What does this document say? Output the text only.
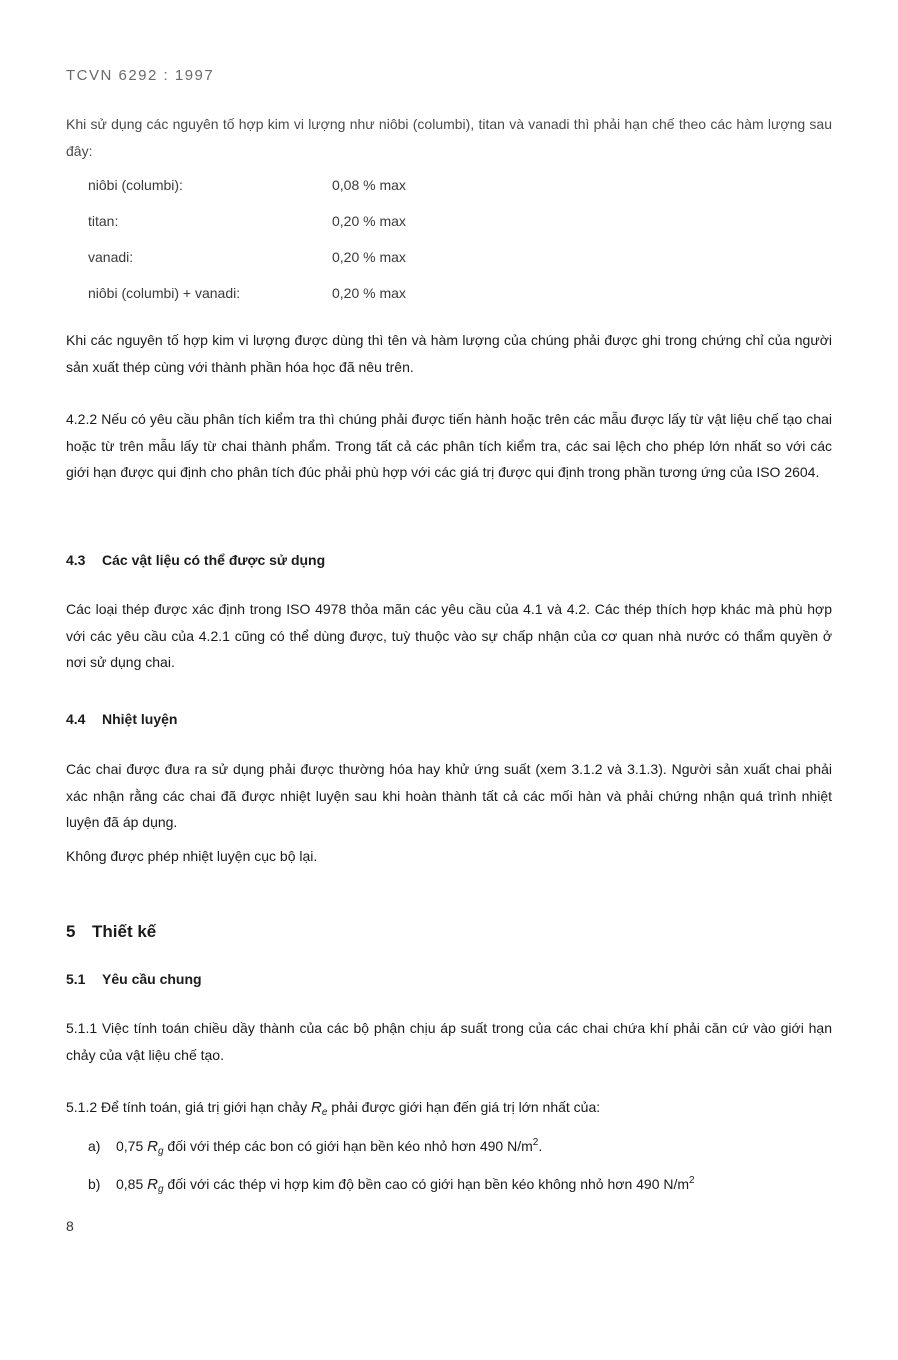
TCVN 6292 : 1997
Khi sử dụng các nguyên tố hợp kim vi lượng như niôbi (columbi), titan và vanadi thì phải hạn chế theo các hàm lượng sau đây:
niôbi (columbi):	0,08 % max
titan:	0,20 % max
vanadi:	0,20 % max
niôbi (columbi) + vanadi:	0,20 % max
Khi các nguyên tố hợp kim vi lượng được dùng thì tên và hàm lượng của chúng phải được ghi trong chứng chỉ của người sản xuất thép cùng với thành phần hóa học đã nêu trên.
4.2.2 Nếu có yêu cầu phân tích kiểm tra thì chúng phải được tiến hành hoặc trên các mẫu được lấy từ vật liệu chế tạo chai hoặc từ trên mẫu lấy từ chai thành phẩm. Trong tất cả các phân tích kiểm tra, các sai lệch cho phép lớn nhất so với các giới hạn được qui định cho phân tích đúc phải phù hợp với các giá trị được qui định trong phần tương ứng của ISO 2604.
4.3 Các vật liệu có thể được sử dụng
Các loại thép được xác định trong ISO 4978 thỏa mãn các yêu cầu của 4.1 và 4.2. Các thép thích hợp khác mà phù hợp với các yêu cầu của 4.2.1 cũng có thể dùng được, tuỳ thuộc vào sự chấp nhận của cơ quan nhà nước có thẩm quyền ở nơi sử dụng chai.
4.4 Nhiệt luyện
Các chai được đưa ra sử dụng phải được thường hóa hay khử ứng suất (xem 3.1.2 và 3.1.3). Người sản xuất chai phải xác nhận rằng các chai đã được nhiệt luyện sau khi hoàn thành tất cả các mối hàn và phải chứng nhận quá trình nhiệt luyện đã áp dụng.
Không được phép nhiệt luyện cục bộ lại.
5 Thiết kế
5.1 Yêu cầu chung
5.1.1 Việc tính toán chiều dầy thành của các bộ phận chịu áp suất trong của các chai chứa khí phải căn cứ vào giới hạn chảy của vật liệu chế tạo.
5.1.2 Để tính toán, giá trị giới hạn chảy $R_e$ phải được giới hạn đến giá trị lớn nhất của:
a) 0,75 $R_g$ đối với thép các bon có giới hạn bền kéo nhỏ hơn 490 $N/m^2$.
b) 0,85 $R_g$ đối với các thép vi hợp kim độ bền cao có giới hạn bền kéo không nhỏ hơn 490 $N/m^2$
8
